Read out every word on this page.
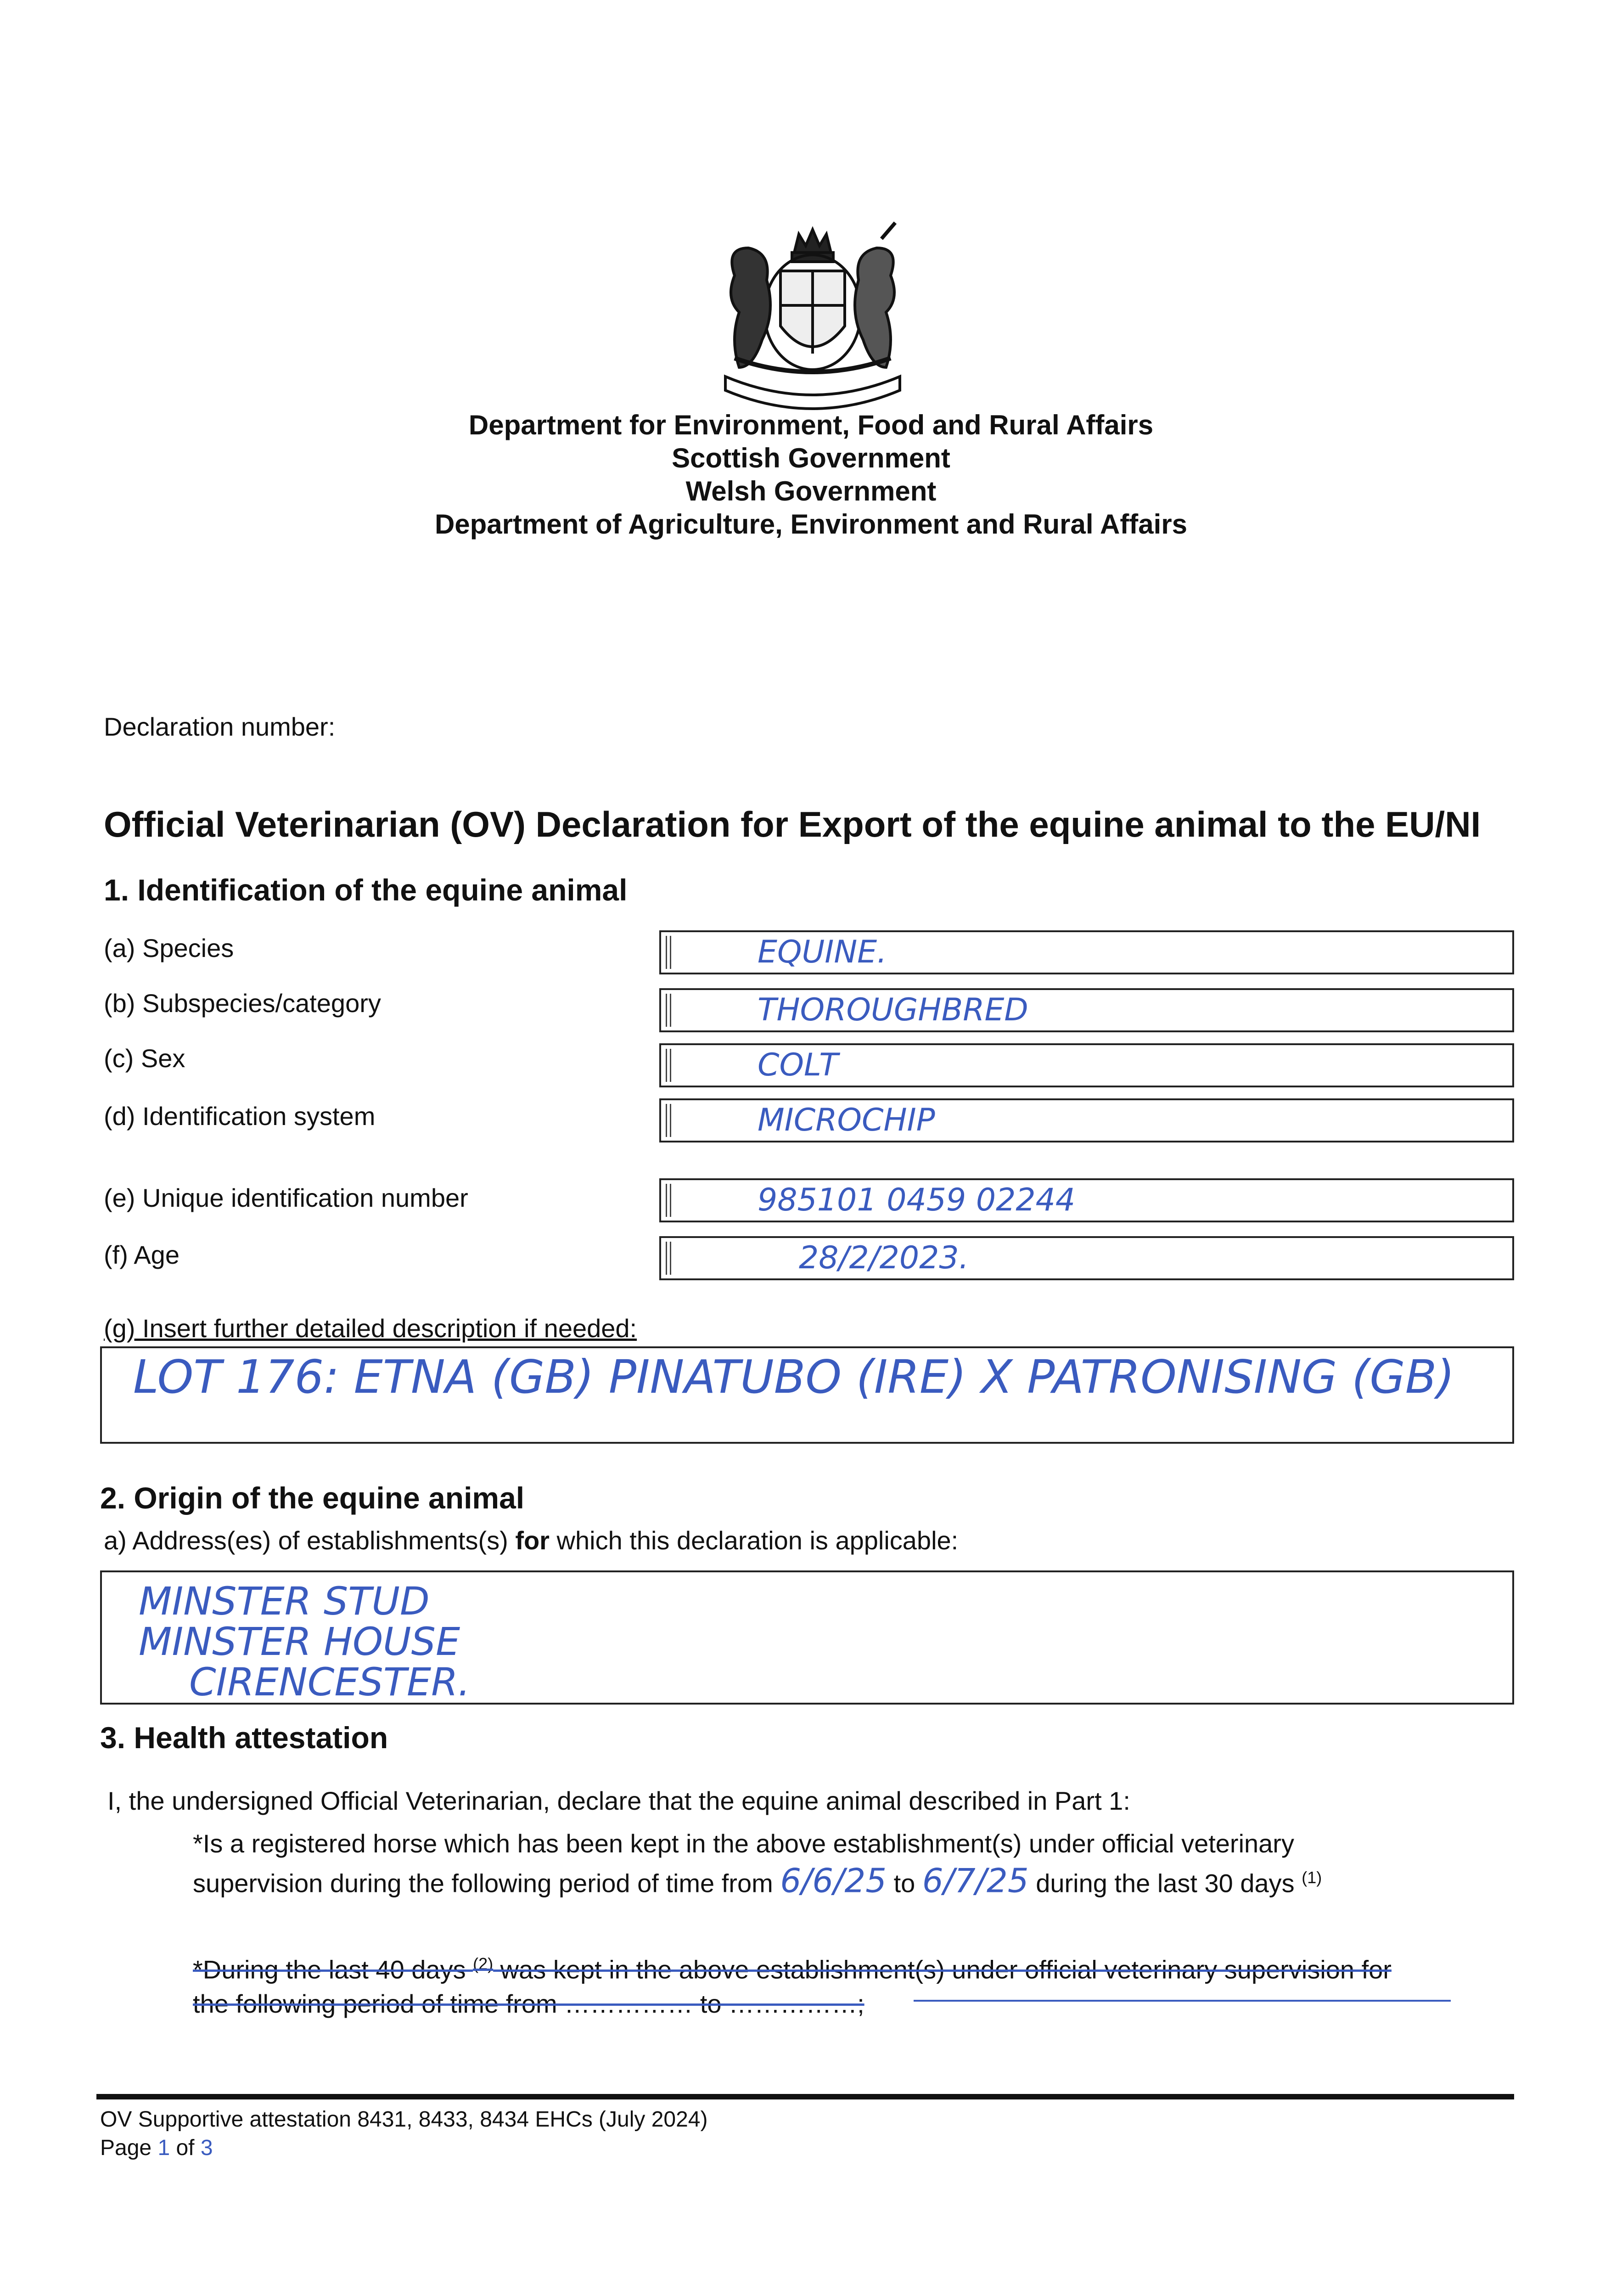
Department for Environment, Food and Rural Affairs
Scottish Government
Welsh Government
Department of Agriculture, Environment and Rural Affairs
Declaration number:
Official Veterinarian (OV) Declaration for Export of the equine animal to the EU/NI
1. Identification of the equine animal
(a) Species	EQUINE.
(b) Subspecies/category	THOROUGHBRED
(c) Sex	COLT
(d) Identification system	MICROCHIP
(e) Unique identification number	985101 0459 02244
(f) Age	28/2/2023.
(g) Insert further detailed description if needed:
LOT 176: ETNA (GB) PINATUBO (IRE) X PATRONISING (GB)
2. Origin of the equine animal
a) Address(es) of establishments(s) for which this declaration is applicable:
MINSTER STUD
MINSTER HOUSE
CIRENCESTER.
3. Health attestation
I, the undersigned Official Veterinarian, declare that the equine animal described in Part 1:
*Is a registered horse which has been kept in the above establishment(s) under official veterinary
supervision during the following period of time from 6/6/25 to 6/7/25 during the last 30 days $^{(1)}$
*During the last 40 days $^{(2)}$ was kept in the above establishment(s) under official veterinary supervision for
the following period of time from …………… to ……………;
OV Supportive attestation 8431, 8433, 8434 EHCs (July 2024)
Page 1 of 3
